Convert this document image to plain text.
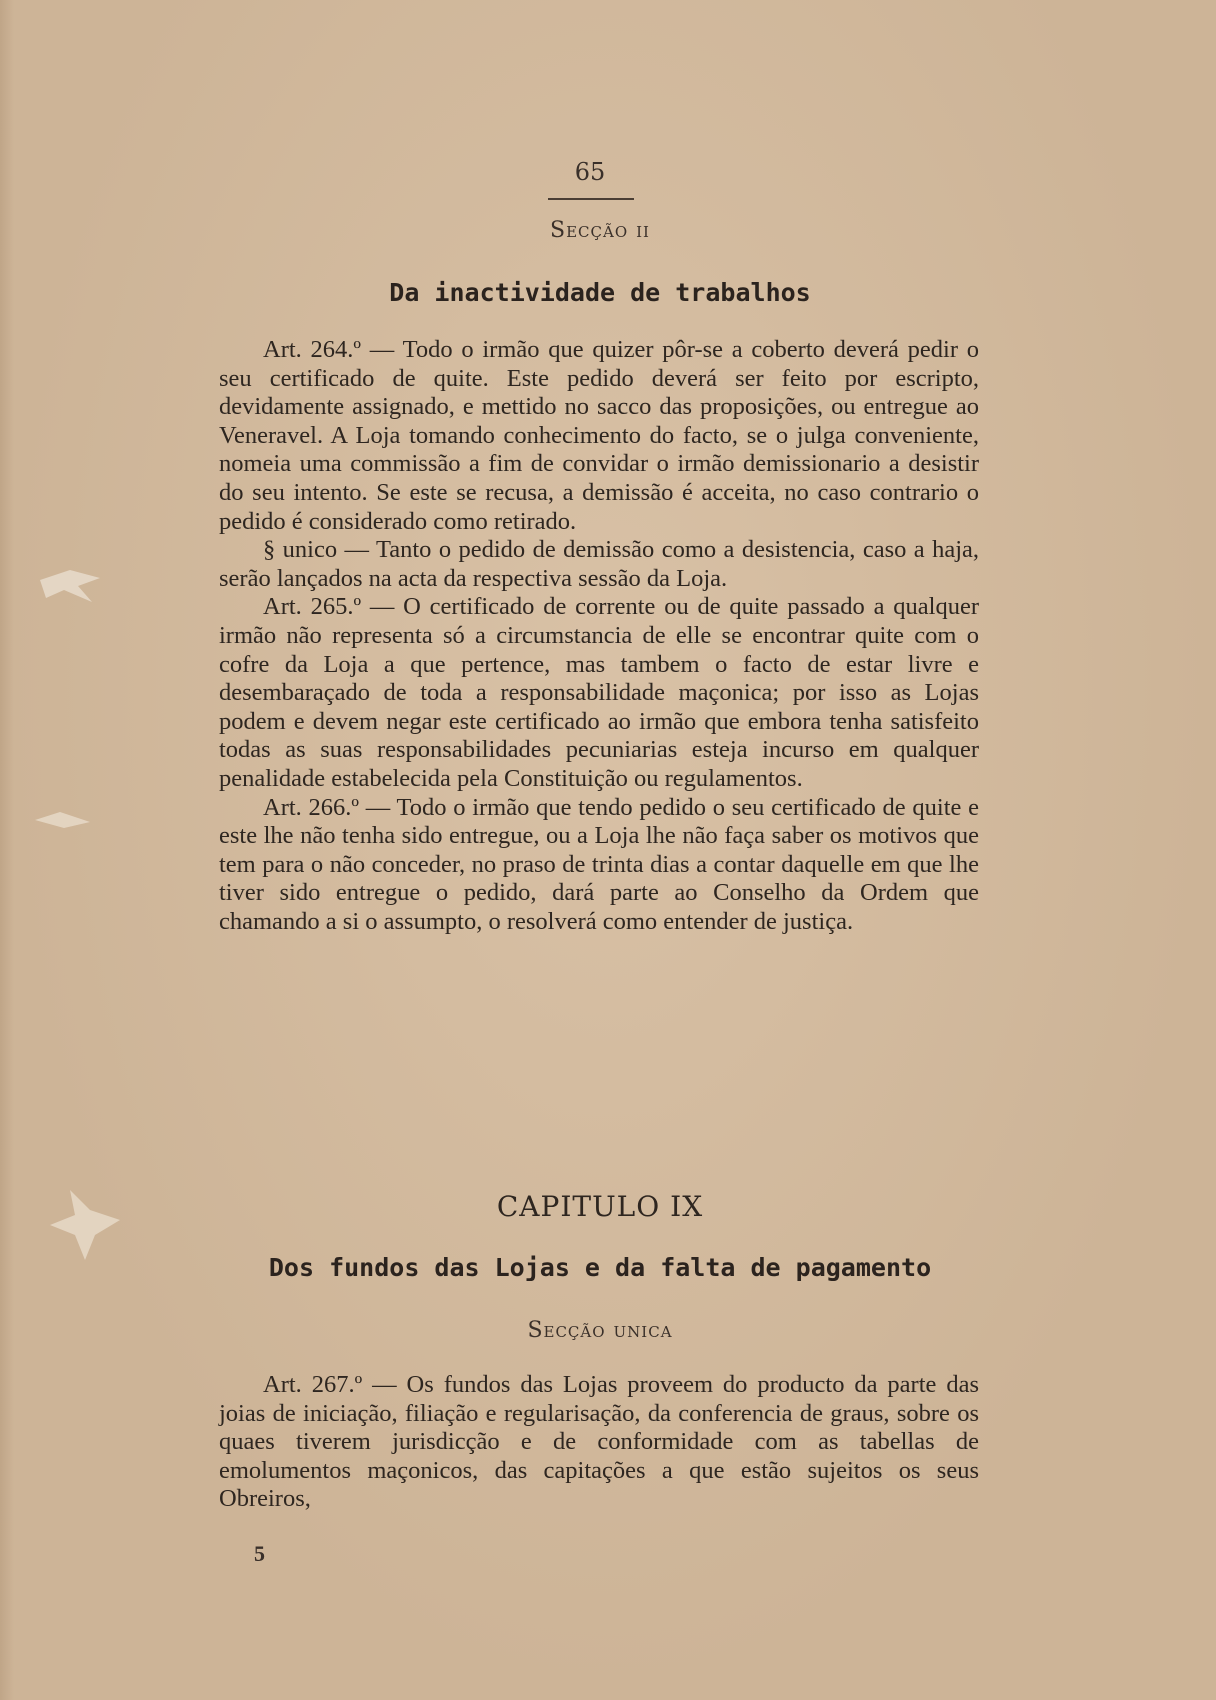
65
Secção ii
Da inactividade de trabalhos

Art. 264.º — Todo o irmão que quizer pôr-se a coberto deverá pedir o seu certificado de quite. Este pedido deverá ser feito por escripto, devidamente assignado, e mettido no sacco das proposições, ou entregue ao Veneravel. A Loja tomando conhecimento do facto, se o julga conveniente, nomeia uma commissão a fim de convidar o irmão demissionario a desistir do seu intento. Se este se recusa, a demissão é acceita, no caso contrario o pedido é considerado como retirado.

§ unico — Tanto o pedido de demissão como a desistencia, caso a haja, serão lançados na acta da respectiva sessão da Loja.

Art. 265.º — O certificado de corrente ou de quite passado a qualquer irmão não representa só a circumstancia de elle se encontrar quite com o cofre da Loja a que pertence, mas tambem o facto de estar livre e desembaraçado de toda a responsabilidade maçonica; por isso as Lojas podem e devem negar este certificado ao irmão que embora tenha satisfeito todas as suas responsabilidades pecuniarias esteja incurso em qualquer penalidade estabelecida pela Constituição ou regulamentos.

Art. 266.º — Todo o irmão que tendo pedido o seu certificado de quite e este lhe não tenha sido entregue, ou a Loja lhe não faça saber os motivos que tem para o não conceder, no praso de trinta dias a contar daquelle em que lhe tiver sido entregue o pedido, dará parte ao Conselho da Ordem que chamando a si o assumpto, o resolverá como entender de justiça.

CAPITULO IX
Dos fundos das Lojas e da falta de pagamento
Secção unica

Art. 267.º — Os fundos das Lojas proveem do producto da parte das joias de iniciação, filiação e regularisação, da conferencia de graus, sobre os quaes tiverem jurisdicção e de conformidade com as tabellas de emolumentos maçonicos, das capitações a que estão sujeitos os seus Obreiros,

5
